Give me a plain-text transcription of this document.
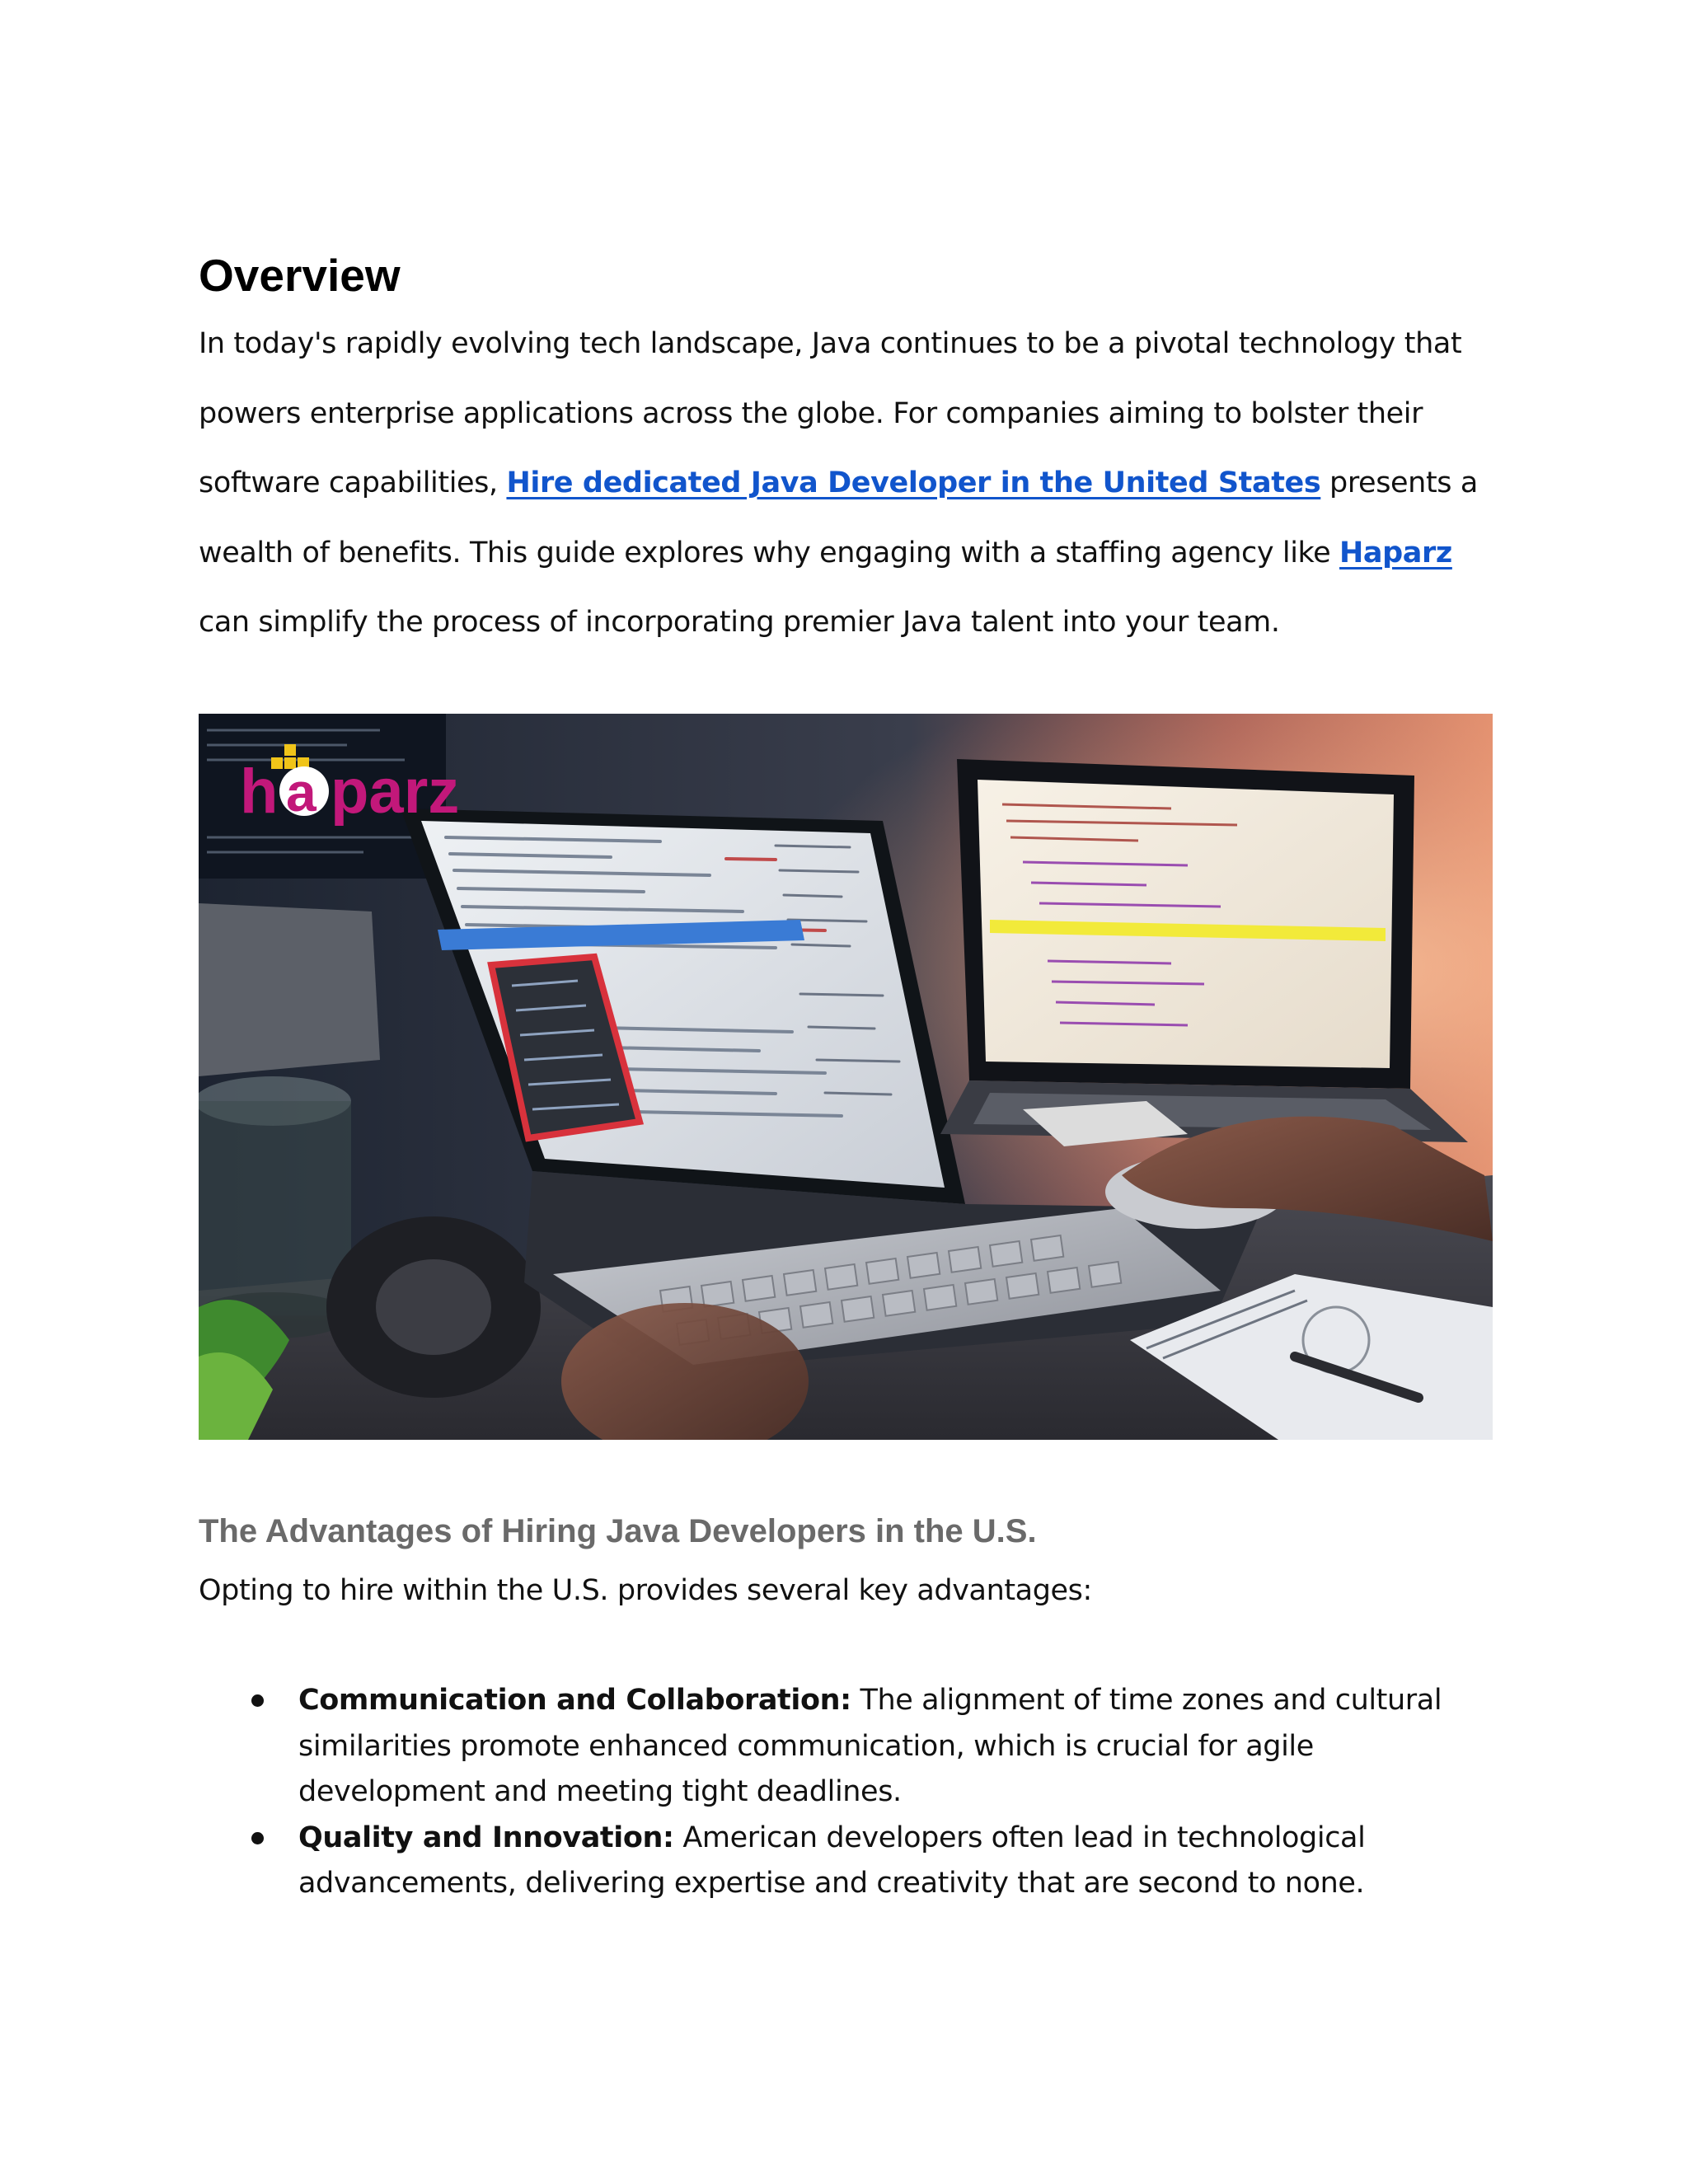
Overview

In today's rapidly evolving tech landscape, Java continues to be a pivotal technology that powers enterprise applications across the globe. For companies aiming to bolster their software capabilities, Hire dedicated Java Developer in the United States presents a wealth of benefits. This guide explores why engaging with a staffing agency like Haparz can simplify the process of incorporating premier Java talent into your team.

h a parz
The Advantages of Hiring Java Developers in the U.S.

Opting to hire within the U.S. provides several key advantages:

Communication and Collaboration: The alignment of time zones and cultural similarities promote enhanced communication, which is crucial for agile development and meeting tight deadlines.
Quality and Innovation: American developers often lead in technological advancements, delivering expertise and creativity that are second to none.
